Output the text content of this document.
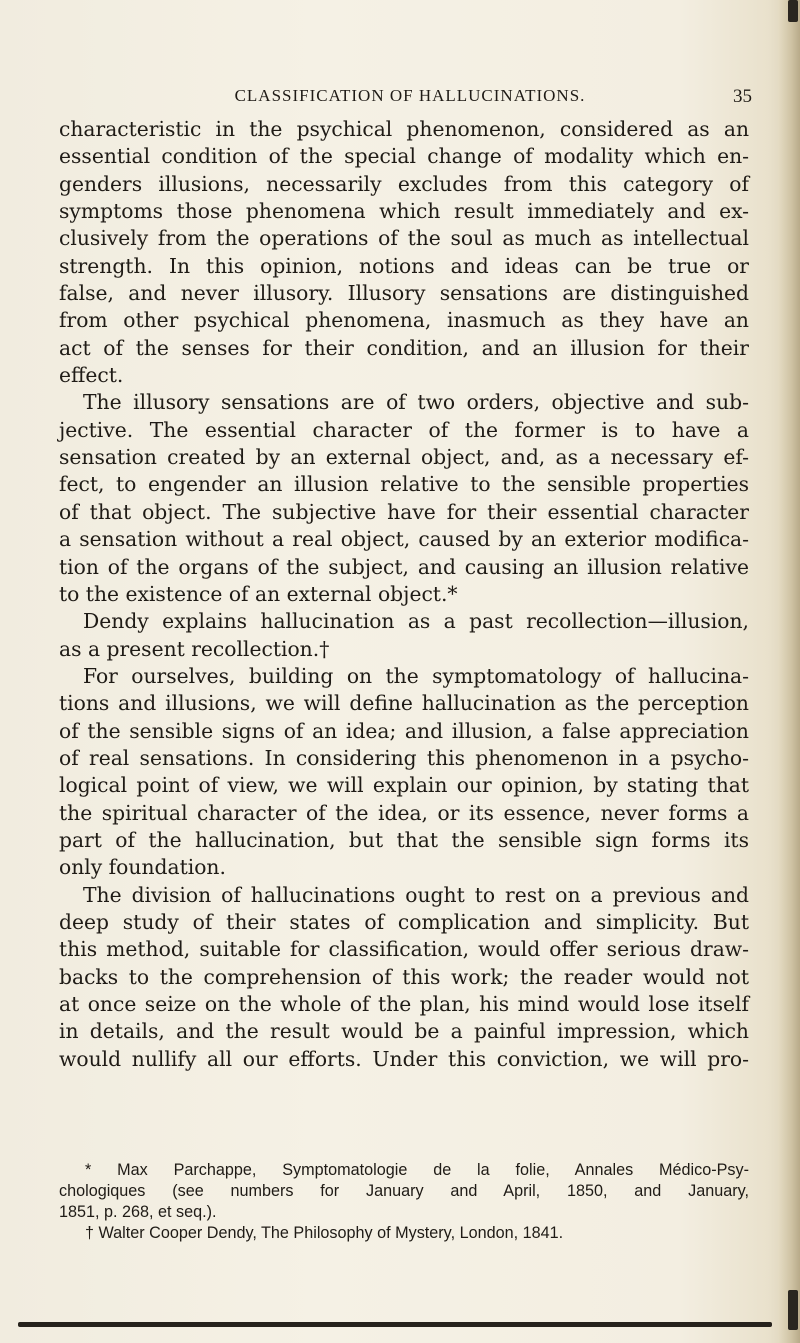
CLASSIFICATION OF HALLUCINATIONS.	35
characteristic in the psychical phenomenon, considered as an
essential condition of the special change of modality which en-
genders illusions, necessarily excludes from this category of
symptoms those phenomena which result immediately and ex-
clusively from the operations of the soul as much as intellectual
strength. In this opinion, notions and ideas can be true or
false, and never illusory. Illusory sensations are distinguished
from other psychical phenomena, inasmuch as they have an
act of the senses for their condition, and an illusion for their
effect.
The illusory sensations are of two orders, objective and sub-
jective. The essential character of the former is to have a
sensation created by an external object, and, as a necessary ef-
fect, to engender an illusion relative to the sensible properties
of that object. The subjective have for their essential character
a sensation without a real object, caused by an exterior modifica-
tion of the organs of the subject, and causing an illusion relative
to the existence of an external object.*
Dendy explains hallucination as a past recollection—illusion,
as a present recollection.†
For ourselves, building on the symptomatology of hallucina-
tions and illusions, we will define hallucination as the perception
of the sensible signs of an idea; and illusion, a false appreciation
of real sensations. In considering this phenomenon in a psycho-
logical point of view, we will explain our opinion, by stating that
the spiritual character of the idea, or its essence, never forms a
part of the hallucination, but that the sensible sign forms its
only foundation.
The division of hallucinations ought to rest on a previous and
deep study of their states of complication and simplicity. But
this method, suitable for classification, would offer serious draw-
backs to the comprehension of this work; the reader would not
at once seize on the whole of the plan, his mind would lose itself
in details, and the result would be a painful impression, which
would nullify all our efforts. Under this conviction, we will pro-
* Max Parchappe, Symptomatologie de la folie, Annales Médico-Psy-
chologiques (see numbers for January and April, 1850, and January,
1851, p. 268, et seq.).
† Walter Cooper Dendy, The Philosophy of Mystery, London, 1841.
